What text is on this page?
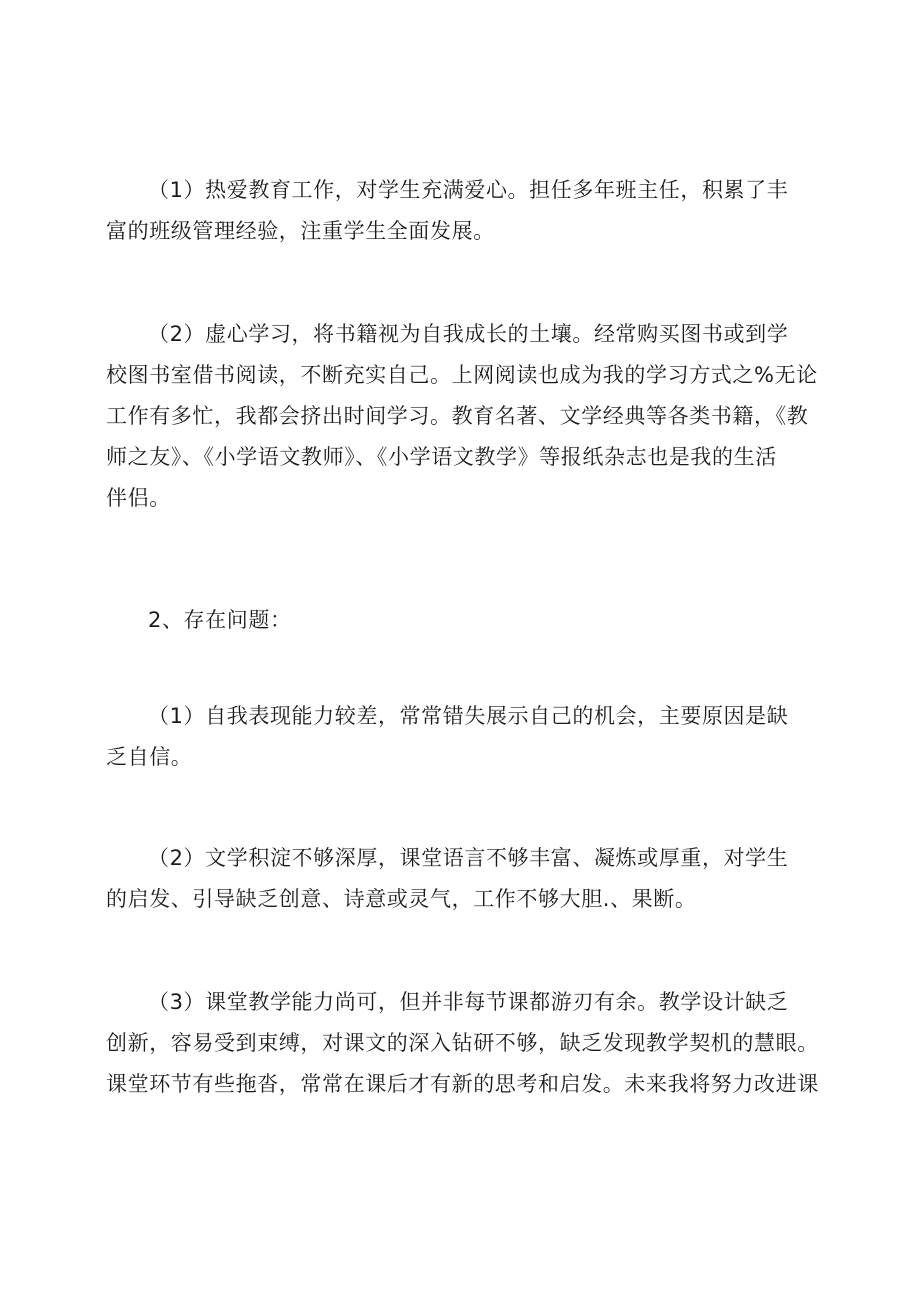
（1）热爱教育工作，对学生充满爱心。担任多年班主任，积累了丰
富的班级管理经验，注重学生全面发展。
（2）虚心学习，将书籍视为自我成长的土壤。经常购买图书或到学
校图书室借书阅读，不断充实自己。上网阅读也成为我的学习方式之%无论
工作有多忙，我都会挤出时间学习。教育名著、文学经典等各类书籍，《教
师之友》、《小学语文教师》、《小学语文教学》等报纸杂志也是我的生活
伴侣。

2、存在问题：

（1）自我表现能力较差，常常错失展示自己的机会，主要原因是缺
乏自信。
（2）文学积淀不够深厚，课堂语言不够丰富、凝炼或厚重，对学生
的启发、引导缺乏创意、诗意或灵气，工作不够大胆.、果断。
（3）课堂教学能力尚可，但并非每节课都游刃有余。教学设计缺乏
创新，容易受到束缚，对课文的深入钻研不够，缺乏发现教学契机的慧眼。
课堂环节有些拖沓，常常在课后才有新的思考和启发。未来我将努力改进课
